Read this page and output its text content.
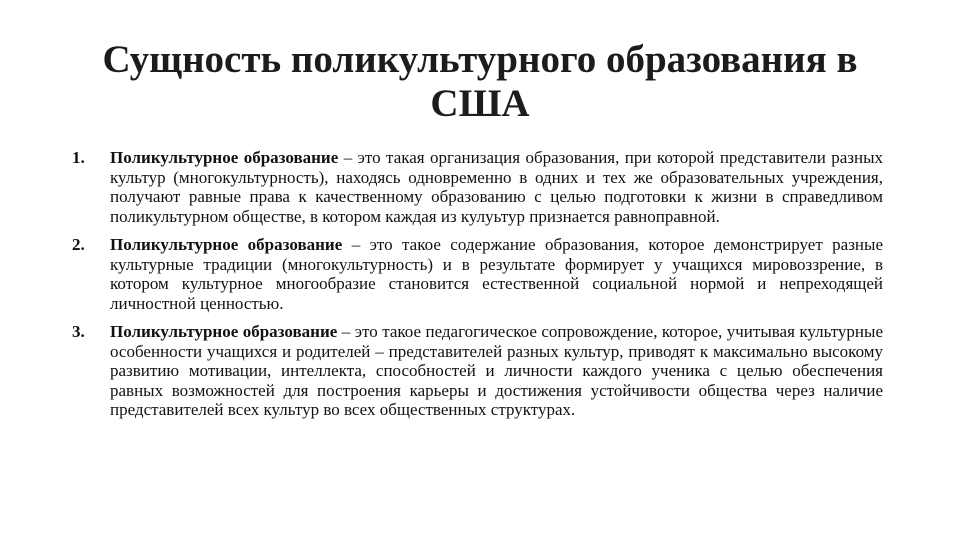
Сущность поликультурного образования в
США
1. Поликультурное образование – это такая организация образования, при которой представители разных культур (многокультурность), находясь одновременно в одних и тех же образовательных учреждения, получают равные права к качественному образованию с целью подготовки к жизни в справедливом поликультурном обществе, в котором каждая из кулуьтур признается равноправной.
2. Поликультурное образование – это такое содержание образования, которое демонстрирует разные культурные традиции (многокультурность) и в результате формирует у учащихся мировоззрение, в котором культурное многообразие становится естественной социальной нормой и непреходящей личностной ценностью.
3. Поликультурное образование – это такое педагогическое сопровождение, которое, учитывая культурные особенности учащихся и родителей – представителей разных культур, приводят к максимально высокому развитию мотивации, интеллекта, способностей и личности каждого ученика с целью обеспечения равных возможностей для построения карьеры и достижения устойчивости общества через наличие представителей всех культур во всех общественных структурах.
